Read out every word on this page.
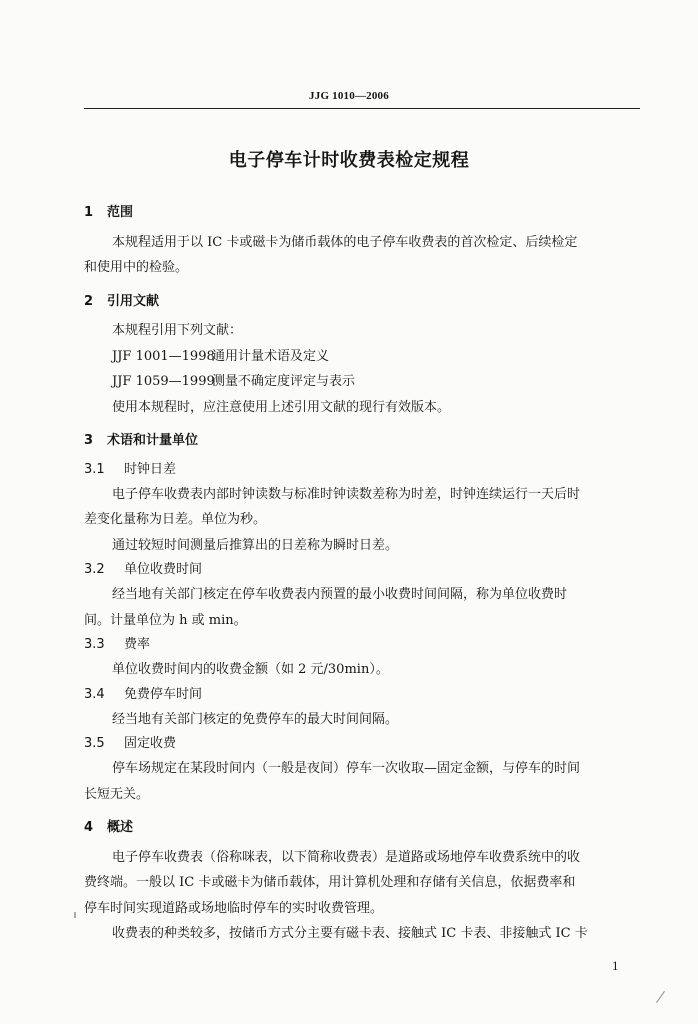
JJG 1010—2006
电子停车计时收费表检定规程
1 范围
本规程适用于以 IC 卡或磁卡为储币载体的电子停车收费表的首次检定、后续检定
和使用中的检验。
2 引用文献
本规程引用下列文献：
JJF 1001—1998通用计量术语及定义
JJF 1059—1999测量不确定度评定与表示
使用本规程时，应注意使用上述引用文献的现行有效版本。
3 术语和计量单位
3.1 时钟日差
电子停车收费表内部时钟读数与标准时钟读数差称为时差，时钟连续运行一天后时
差变化量称为日差。单位为秒。
通过较短时间测量后推算出的日差称为瞬时日差。
3.2 单位收费时间
经当地有关部门核定在停车收费表内预置的最小收费时间间隔，称为单位收费时
间。计量单位为 h 或 min。
3.3 费率
单位收费时间内的收费金额（如 2 元/30min）。
3.4 免费停车时间
经当地有关部门核定的免费停车的最大时间间隔。
3.5 固定收费
停车场规定在某段时间内（一般是夜间）停车一次收取—固定金额，与停车的时间
长短无关。
4 概述
电子停车收费表（俗称咪表，以下简称收费表）是道路或场地停车收费系统中的收
费终端。一般以 IC 卡或磁卡为储币载体，用计算机处理和存储有关信息，依据费率和
停车时间实现道路或场地临时停车的实时收费管理。
收费表的种类较多，按储币方式分主要有磁卡表、接触式 IC 卡表、非接触式 IC 卡
1
